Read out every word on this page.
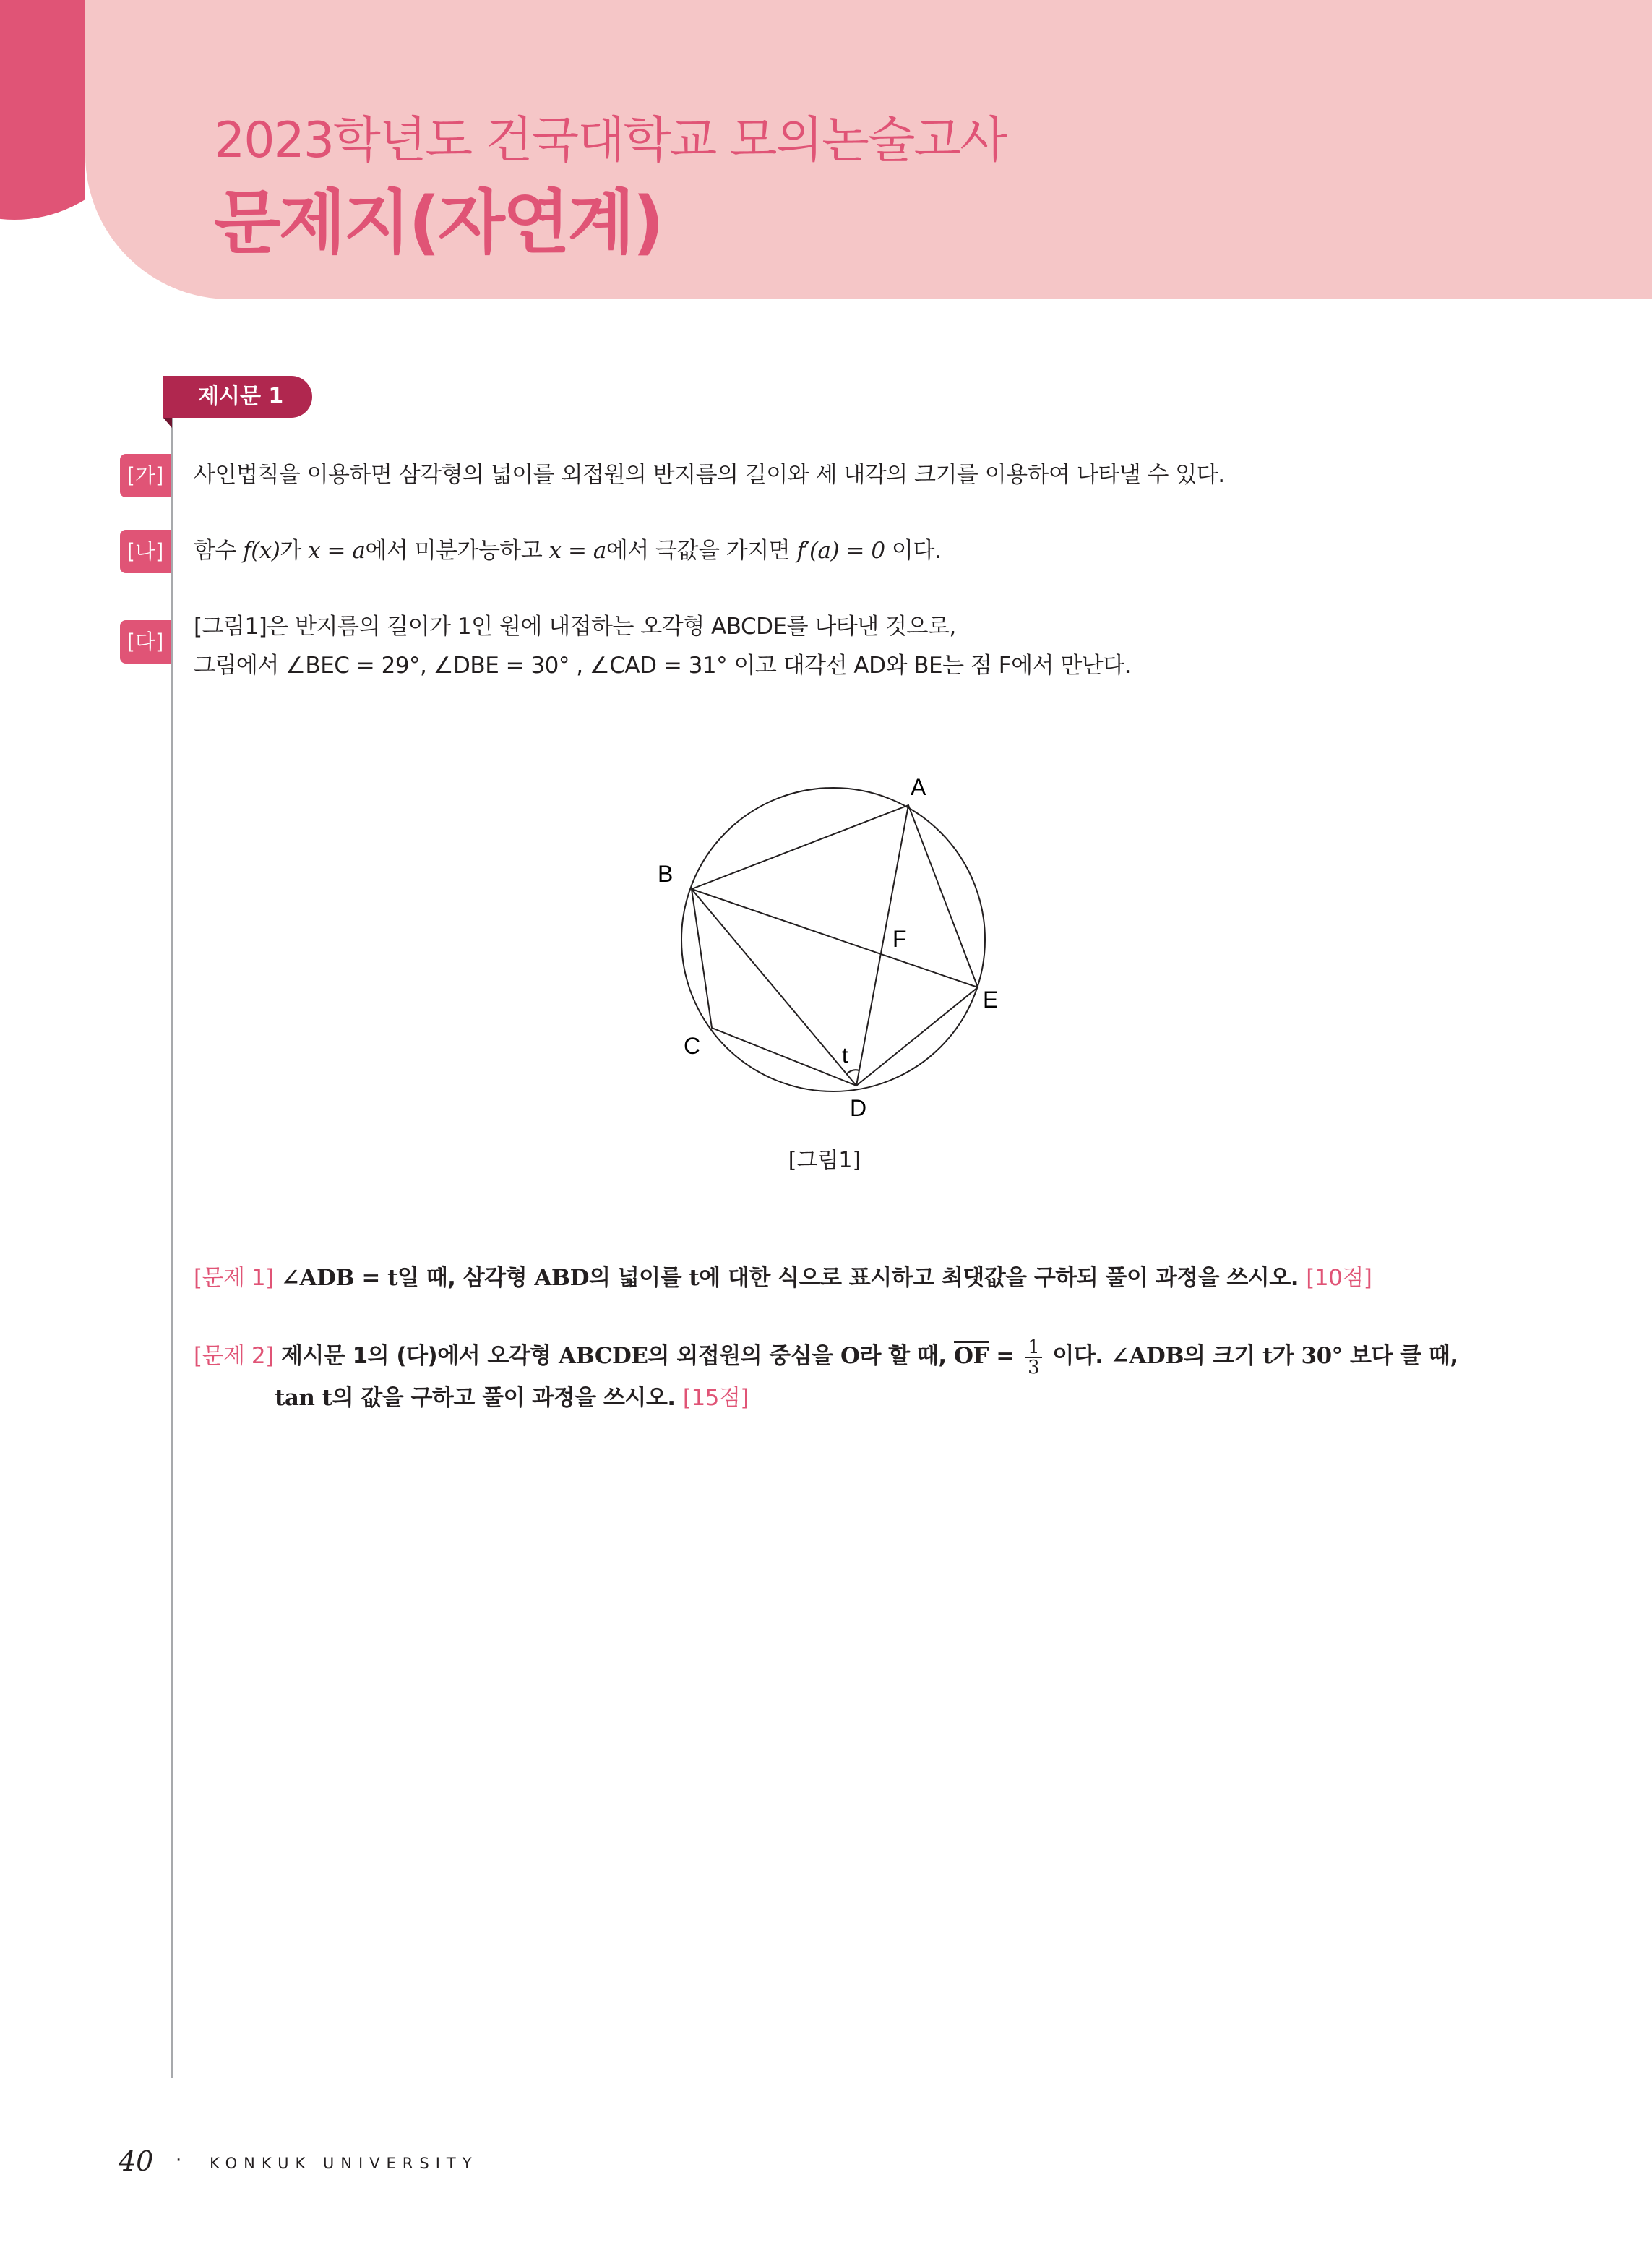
2023학년도 건국대학교 모의논술고사
문제지(자연계)
제시문 1
[가]	사인법칙을 이용하면 삼각형의 넓이를 외접원의 반지름의 길이와 세 내각의 크기를 이용하여 나타낼 수 있다.
[나]	함수 f(x)가 x = a에서 미분가능하고 x = a에서 극값을 가지면 f′(a) = 0 이다.
[다]
[그림1]은 반지름의 길이가 1인 원에 내접하는 오각형 ABCDE를 나타낸 것으로,
그림에서 ∠BEC = 29°, ∠DBE = 30° , ∠CAD = 31° 이고 대각선 AD와 BE는 점 F에서 만난다.
A
B
C
D
E
F
t
[그림1]
[문제 1] ∠ADB = t일 때, 삼각형 ABD의 넓이를 t에 대한 식으로 표시하고 최댓값을 구하되 풀이 과정을 쓰시오. [10점]
[문제 2] 제시문 1의 (다)에서 오각형 ABCDE의 외접원의 중심을 O라 할 때, $\overline{OF} = \frac{1}{3}$ 이다. ∠ADB의 크기 t가 30° 보다 클 때,
tan t의 값을 구하고 풀이 과정을 쓰시오. [15점]
40 · KONKUK UNIVERSITY
